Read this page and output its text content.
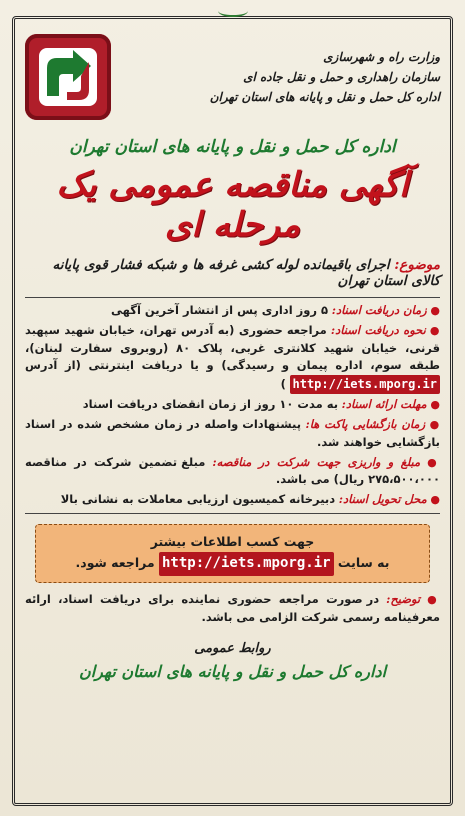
وزارت راه و شهرسازی
سازمان راهداری و حمل و نقل جاده ای
اداره کل حمل و نقل و پایانه های استان تهران
اداره کل حمل و نقل و پایانه های استان تهران
آگهی مناقصه عمومی یک مرحله ای
موضوع: اجرای باقیمانده لوله کشی غرفه ها و شبکه فشار قوی پایانه کالای استان تهران
● زمان دریافت اسناد: ۵ روز اداری پس از انتشار آخرین آگهی
● نحوه دریافت اسناد: مراجعه حضوری (به آدرس تهران، خیابان شهید سپهبد قرنی، خیابان شهید کلانتری غربی، پلاک ۸۰ (روبروی سفارت لبنان)، طبقه سوم، اداره پیمان و رسیدگی) و یا دریافت اینترنتی (از آدرس http://iets.mporg.ir )
● مهلت ارائه اسناد: به مدت ۱۰ روز از زمان انقضای دریافت اسناد
● زمان بازگشایی پاکت ها: پیشنهادات واصله در زمان مشخص شده در اسناد بازگشایی خواهند شد.
● مبلغ و واریزی جهت شرکت در مناقصه: مبلغ تضمین شرکت در مناقصه ۲۷۵،۵۰۰،۰۰۰ ریال) می باشد.
● محل تحویل اسناد: دبیرخانه کمیسیون ارزیابی معاملات به نشانی بالا
جهت کسب اطلاعات بیشتر
به سایت http://iets.mporg.ir مراجعه شود.
● توضیح: در صورت مراجعه حضوری نماینده برای دریافت اسناد، ارائه معرفینامه رسمی شرکت الزامی می باشد.
روابط عمومی
اداره کل حمل و نقل و پایانه های استان تهران
